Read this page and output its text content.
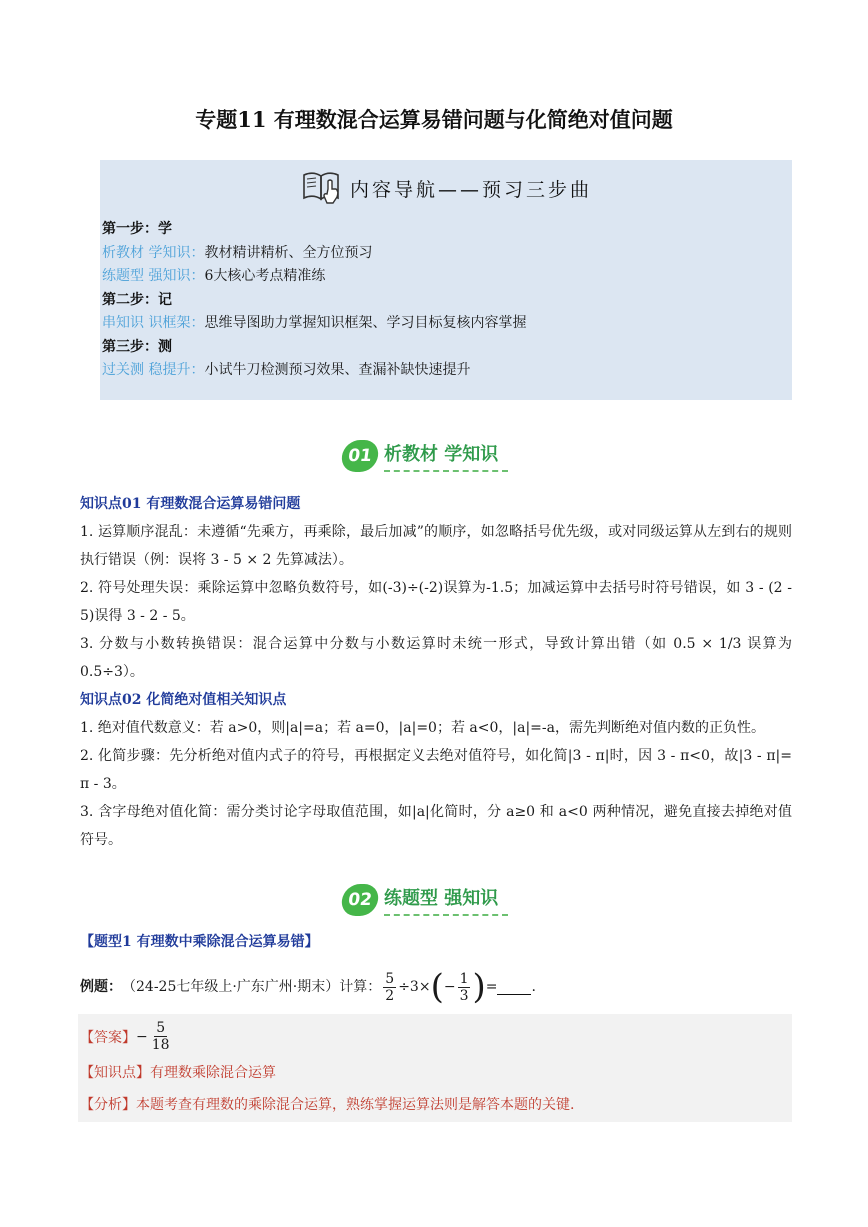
专题11 有理数混合运算易错问题与化简绝对值问题
内容导航——预习三步曲
第一步：学
析教材 学知识：教材精讲精析、全方位预习
练题型 强知识：6大核心考点精准练
第二步：记
串知识 识框架：思维导图助力掌握知识框架、学习目标复核内容掌握
第三步：测
过关测 稳提升：小试牛刀检测预习效果、查漏补缺快速提升
01 析教材 学知识
知识点01 有理数混合运算易错问题
1. 运算顺序混乱：未遵循“先乘方，再乘除，最后加减”的顺序，如忽略括号优先级，或对同级运算从左到右的规则执行错误（例：误将 3 - 5 × 2 先算减法）。
2. 符号处理失误：乘除运算中忽略负数符号，如(-3)÷(-2)误算为-1.5；加减运算中去括号时符号错误，如 3 - (2 - 5)误得 3 - 2 - 5。
3. 分数与小数转换错误：混合运算中分数与小数运算时未统一形式，导致计算出错（如 0.5 × 1/3 误算为 0.5÷3）。
知识点02 化简绝对值相关知识点
1. 绝对值代数意义：若 a>0，则|a|=a；若 a=0，|a|=0；若 a<0，|a|=-a，需先判断绝对值内数的正负性。
2. 化简步骤：先分析绝对值内式子的符号，再根据定义去绝对值符号，如化简|3 - π|时，因 3 - π<0，故|3 - π|= π - 3。
3. 含字母绝对值化简：需分类讨论字母取值范围，如|a|化简时，分 a≥0 和 a<0 两种情况，避免直接去掉绝对值符号。
02 练题型 强知识
【题型1 有理数中乘除混合运算易错】
例题： （24-25七年级上·广东广州·期末）计算： $\frac{5}{2} \div 3\times$ ( − $\frac{1}{3}$ ) = .
【答案】 − $\frac{5}{18}$
【知识点】有理数乘除混合运算
【分析】本题考查有理数的乘除混合运算，熟练掌握运算法则是解答本题的关键.
